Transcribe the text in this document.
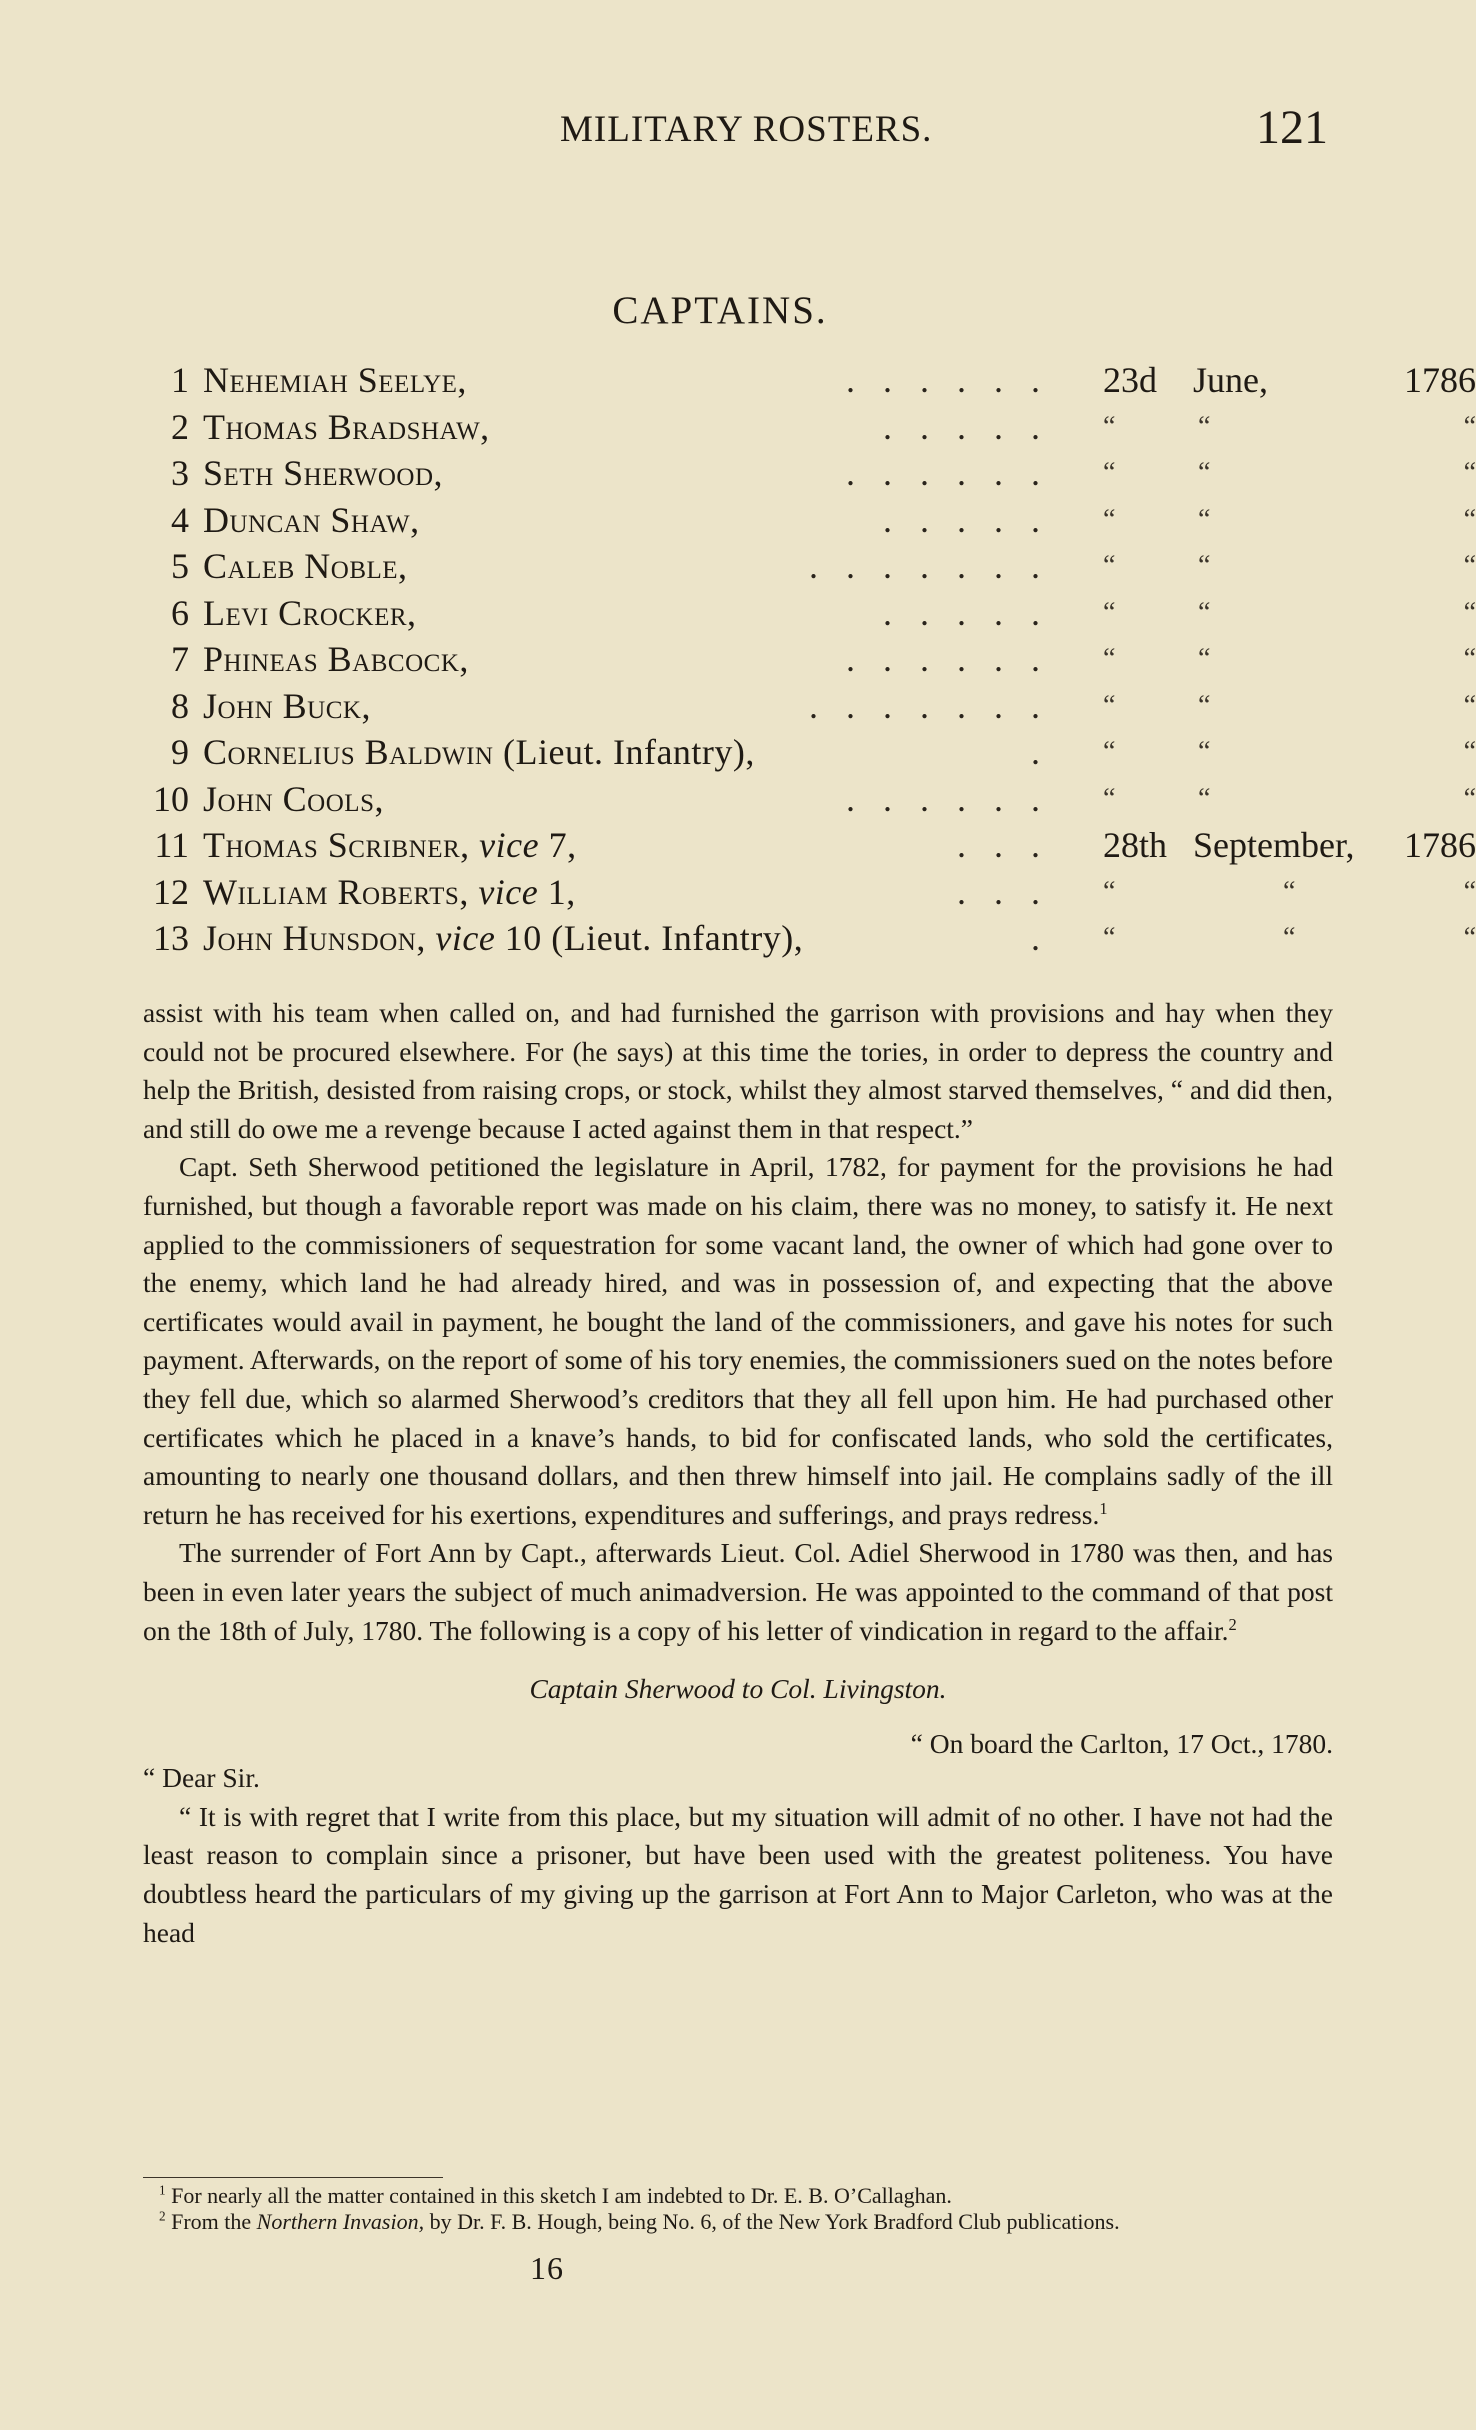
MILITARY ROSTERS.	121
CAPTAINS.
1 Nehemiah Seelye,	...... 23d June,	1786
2 Thomas Bradshaw,	..... “	“	“
3 Seth Sherwood,	...... “	“	“
4 Duncan Shaw,	..... “	“	“
5 Caleb Noble,	....... “	“	“
6 Levi Crocker,	..... “	“	“
7 Phineas Babcock,	...... “	“	“
8 John Buck,	....... “	“	“
9 Cornelius Baldwin (Lieut. Infantry),	. “	“	“
10 John Cools,	...... “	“	“
11 Thomas Scribner, vice 7,	... 28th September,	1786
12 William Roberts, vice 1,	... “	“	“
13 John Hunsdon, vice 10 (Lieut. Infantry),	. “	“	“

assist with his team when called on, and had furnished the garrison with provisions and hay when they could not be procured elsewhere. For (he says) at this time the tories, in order to depress the country and help the British, desisted from raising crops, or stock, whilst they almost starved themselves, “ and did then, and still do owe me a revenge because I acted against them in that respect.”

Capt. Seth Sherwood petitioned the legislature in April, 1782, for payment for the provisions he had furnished, but though a favorable report was made on his claim, there was no money, to satisfy it. He next applied to the commissioners of sequestration for some vacant land, the owner of which had gone over to the enemy, which land he had already hired, and was in possession of, and expecting that the above certificates would avail in payment, he bought the land of the commissioners, and gave his notes for such payment. Afterwards, on the report of some of his tory enemies, the commissioners sued on the notes before they fell due, which so alarmed Sherwood’s creditors that they all fell upon him. He had purchased other certificates which he placed in a knave’s hands, to bid for confiscated lands, who sold the certificates, amounting to nearly one thousand dollars, and then threw himself into jail. He complains sadly of the ill return he has received for his exertions, expenditures and sufferings, and prays redress.$^1$

The surrender of Fort Ann by Capt., afterwards Lieut. Col. Adiel Sherwood in 1780 was then, and has been in even later years the subject of much animadversion. He was appointed to the command of that post on the 18th of July, 1780. The following is a copy of his letter of vindication in regard to the affair.$^2$

Captain Sherwood to Col. Livingston.

“ On board the Carlton, 17 Oct., 1780.

“ Dear Sir.

“ It is with regret that I write from this place, but my situation will admit of no other. I have not had the least reason to complain since a prisoner, but have been used with the greatest politeness. You have doubtless heard the particulars of my giving up the garrison at Fort Ann to Major Carleton, who was at the head

$^1$ For nearly all the matter contained in this sketch I am indebted to Dr. E. B. O’Callaghan.

$^2$ From the Northern Invasion, by Dr. F. B. Hough, being No. 6, of the New York Bradford Club publications.

16
